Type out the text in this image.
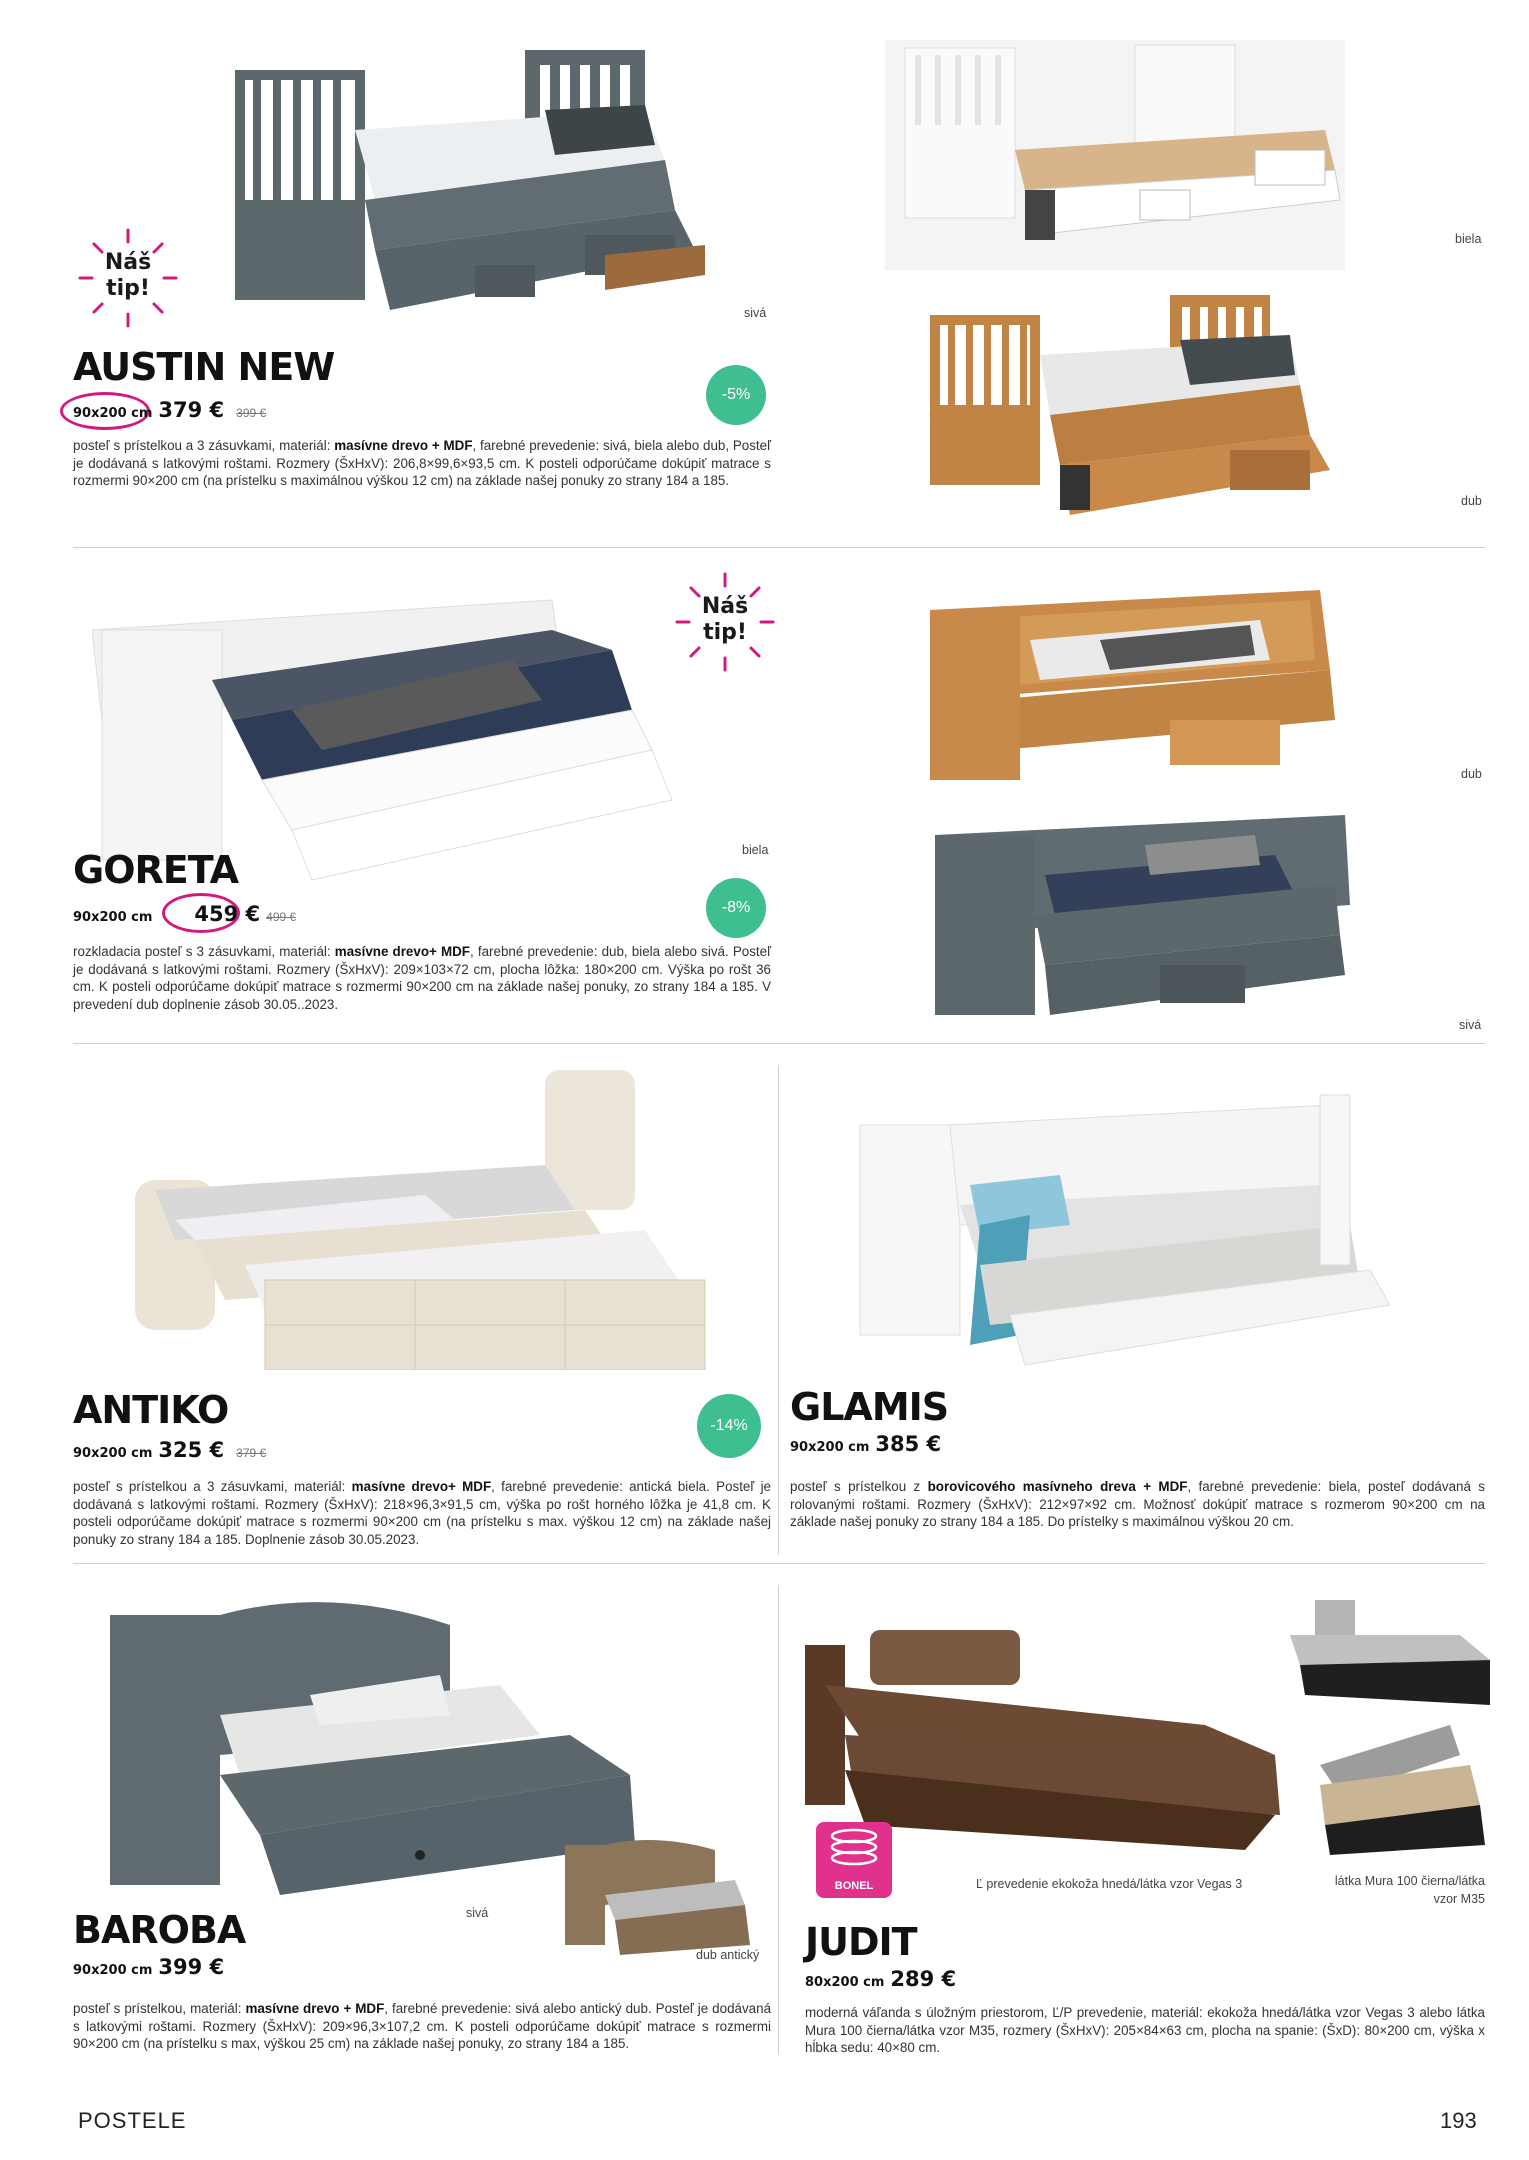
Náš
tip!
sivá
biela
dub
AUSTIN NEW
90x200 cm 379 € 399 €
-5%
posteľ s prístelkou a 3 zásuvkami, materiál: masívne drevo + MDF, farebné prevedenie: sivá, biela alebo dub, Posteľ je dodávaná s latkovými roštami. Rozmery (ŠxHxV): 206,8×99,6×93,5 cm. K posteli odporúčame dokúpiť matrace s rozmermi 90×200 cm (na prístelku s maximálnou výškou 12 cm) na základe našej ponuky zo strany 184 a 185.
Náš
tip!
biela
dub
sivá
GORETA
90x200 cm 459 € 499 €
-8%
rozkladacia posteľ s 3 zásuvkami, materiál: masívne drevo+ MDF, farebné prevedenie: dub, biela alebo sivá. Posteľ je dodávaná s latkovými roštami. Rozmery (ŠxHxV): 209×103×72 cm, plocha lôžka: 180×200 cm. Výška po rošt 36 cm. K posteli odporúčame dokúpiť matrace s rozmermi 90×200 cm na základe našej ponuky, zo strany 184 a 185. V prevedení dub doplnenie zásob 30.05..2023.
ANTIKO
90x200 cm 325 € 379 €
-14%
posteľ s prístelkou a 3 zásuvkami, materiál: masívne drevo+ MDF, farebné prevedenie: antická biela. Posteľ je dodávaná s latkovými roštami. Rozmery (ŠxHxV): 218×96,3×91,5 cm, výška po rošt horného lôžka je 41,8 cm. K posteli odporúčame dokúpiť matrace s rozmermi 90×200 cm (na prístelku s max. výškou 12 cm) na základe našej ponuky zo strany 184 a 185. Doplnenie zásob 30.05.2023.
GLAMIS
90x200 cm 385 €
posteľ s prístelkou z borovicového masívneho dreva + MDF, farebné prevedenie: biela, posteľ dodávaná s rolovanými roštami. Rozmery (ŠxHxV): 212×97×92 cm. Možnosť dokúpiť matrace s rozmerom 90×200 cm na základe našej ponuky zo strany 184 a 185. Do prístelky s maximálnou výškou 20 cm.
sivá
dub antický
BAROBA
90x200 cm 399 €
posteľ s prístelkou, materiál: masívne drevo + MDF, farebné prevedenie: sivá alebo antický dub. Posteľ je dodávaná s latkovými roštami. Rozmery (ŠxHxV): 209×96,3×107,2 cm. K posteli odporúčame dokúpiť matrace s rozmermi 90×200 cm (na prístelku s max, výškou 25 cm) na základe našej ponuky, zo strany 184 a 185.
BONEL	Ľ prevedenie ekokoža hnedá/látka vzor Vegas 3	látka Mura 100 čierna/látka
vzor M35
JUDIT
80x200 cm 289 €
moderná váľanda s úložným priestorom, Ľ/P prevedenie, materiál: ekokoža hnedá/látka vzor Vegas 3 alebo látka Mura 100 čierna/látka vzor M35, rozmery (ŠxHxV): 205×84×63 cm, plocha na spanie: (ŠxD): 80×200 cm, výška x hĺbka sedu: 40×80 cm.
POSTELE	193
